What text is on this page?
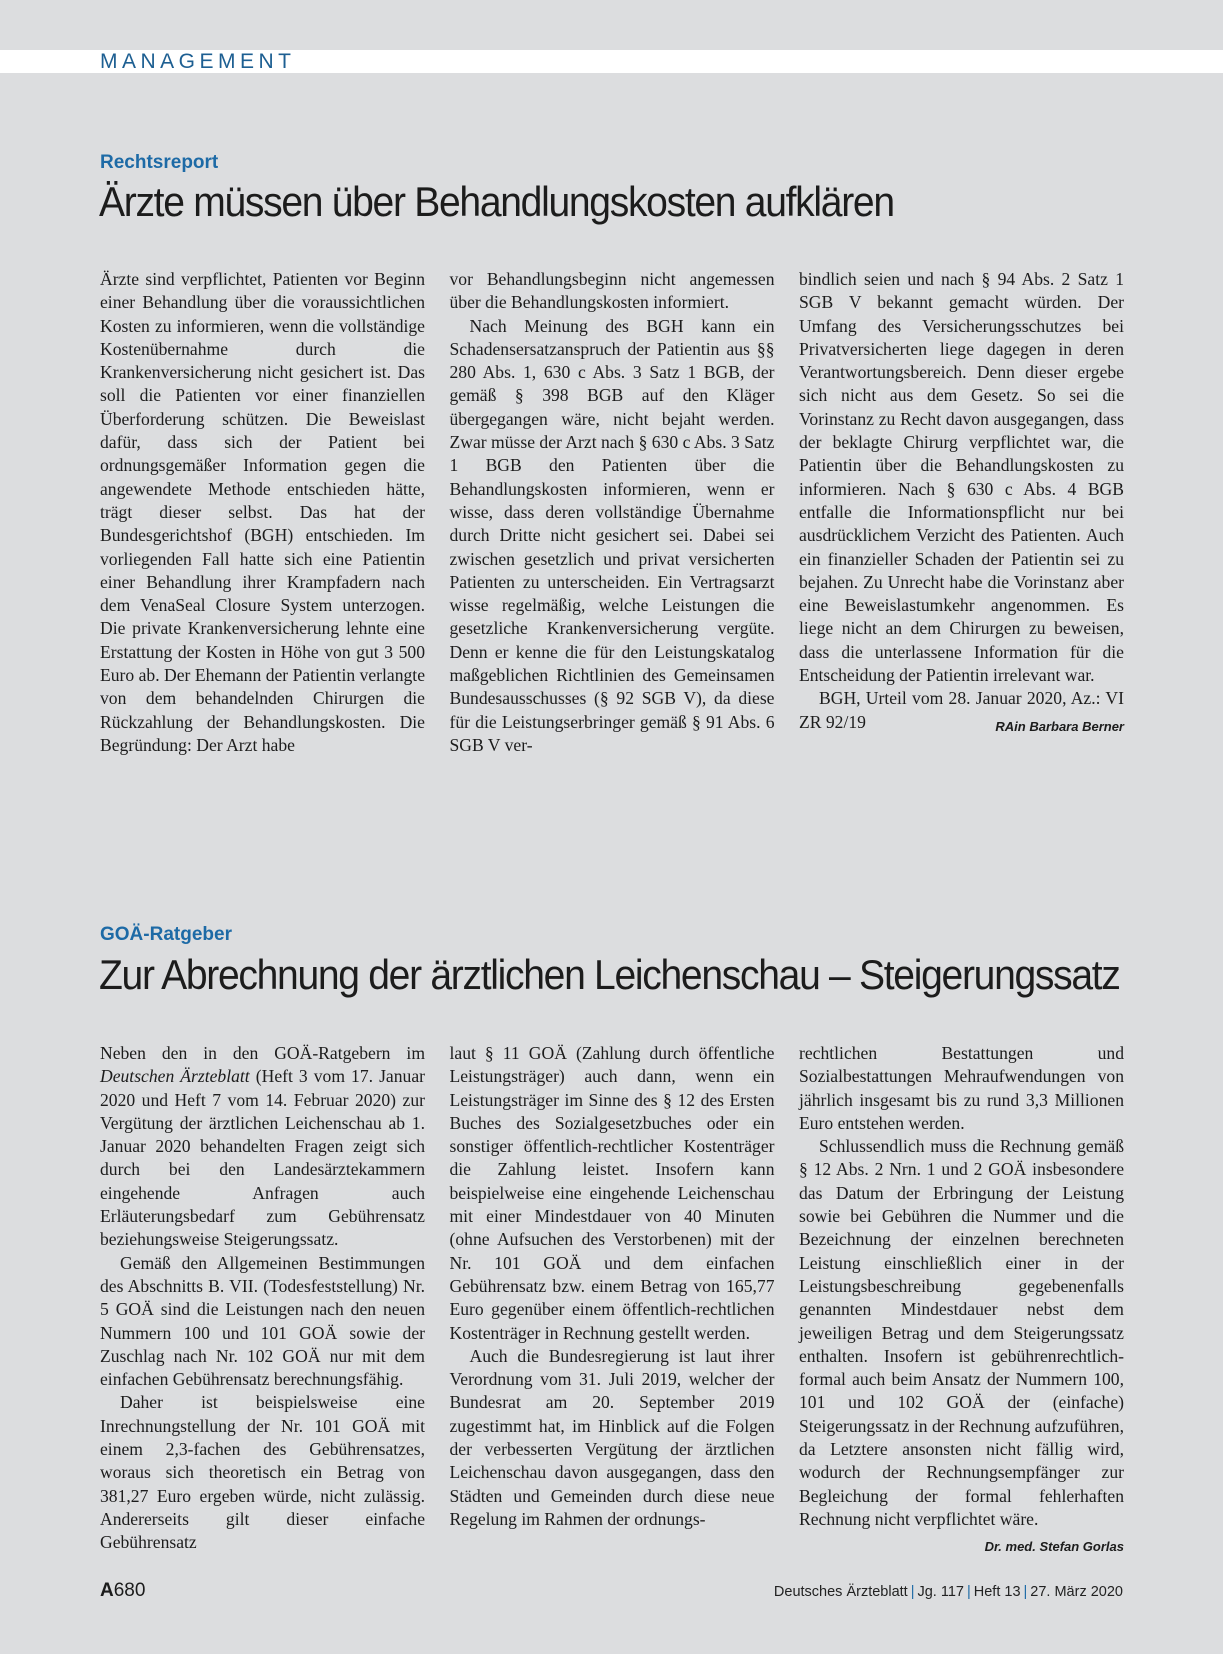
MANAGEMENT
Rechtsreport
Ärzte müssen über Behandlungskosten aufklären

Ärzte sind verpflichtet, Patienten vor Beginn einer Behandlung über die voraussichtlichen Kosten zu informieren, wenn die vollständige Kostenübernahme durch die Krankenversicherung nicht gesichert ist. Das soll die Patienten vor einer finanziellen Überforderung schützen. Die Beweislast dafür, dass sich der Patient bei ordnungsgemäßer Information gegen die angewendete Methode entschieden hätte, trägt dieser selbst. Das hat der Bundesgerichtshof (BGH) entschieden. Im vorliegenden Fall hatte sich eine Patientin einer Behandlung ihrer Krampfadern nach dem VenaSeal Closure System unterzogen. Die private Krankenversicherung lehnte eine Erstattung der Kosten in Höhe von gut 3 500 Euro ab. Der Ehemann der Patientin verlangte von dem behandelnden Chirurgen die Rückzahlung der Behandlungskosten. Die Begründung: Der Arzt habe

vor Behandlungsbeginn nicht angemessen über die Behandlungskosten informiert.

Nach Meinung des BGH kann ein Schadensersatzanspruch der Patientin aus §§ 280 Abs. 1, 630 c Abs. 3 Satz 1 BGB, der gemäß § 398 BGB auf den Kläger übergegangen wäre, nicht bejaht werden. Zwar müsse der Arzt nach § 630 c Abs. 3 Satz 1 BGB den Patienten über die Behandlungskosten informieren, wenn er wisse, dass deren vollständige Übernahme durch Dritte nicht gesichert sei. Dabei sei zwischen gesetzlich und privat versicherten Patienten zu unterscheiden. Ein Vertragsarzt wisse regelmäßig, welche Leistungen die gesetzliche Krankenversicherung vergüte. Denn er kenne die für den Leistungskatalog maßgeblichen Richtlinien des Gemeinsamen Bundesausschusses (§ 92 SGB V), da diese für die Leistungserbringer gemäß § 91 Abs. 6 SGB V ver-

bindlich seien und nach § 94 Abs. 2 Satz 1 SGB V bekannt gemacht würden. Der Umfang des Versicherungsschutzes bei Privatversicherten liege dagegen in deren Verantwortungsbereich. Denn dieser ergebe sich nicht aus dem Gesetz. So sei die Vorinstanz zu Recht davon ausgegangen, dass der beklagte Chirurg verpflichtet war, die Patientin über die Behandlungskosten zu informieren. Nach § 630 c Abs. 4 BGB entfalle die Informationspflicht nur bei ausdrücklichem Verzicht des Patienten. Auch ein finanzieller Schaden der Patientin sei zu bejahen. Zu Unrecht habe die Vorinstanz aber eine Beweislastumkehr angenommen. Es liege nicht an dem Chirurgen zu beweisen, dass die unterlassene Information für die Entscheidung der Patientin irrelevant war.

BGH, Urteil vom 28. Januar 2020, Az.: VI ZR 92/19	RAin Barbara Berner

GOÄ-Ratgeber
Zur Abrechnung der ärztlichen Leichenschau – Steigerungssatz

Neben den in den GOÄ-Ratgebern im Deutschen Ärzteblatt (Heft 3 vom 17. Januar 2020 und Heft 7 vom 14. Februar 2020) zur Vergütung der ärztlichen Leichenschau ab 1. Januar 2020 behandelten Fragen zeigt sich durch bei den Landesärztekammern eingehende Anfragen auch Erläuterungsbedarf zum Gebührensatz beziehungsweise Steigerungssatz.

Gemäß den Allgemeinen Bestimmungen des Abschnitts B. VII. (Todesfeststellung) Nr. 5 GOÄ sind die Leistungen nach den neuen Nummern 100 und 101 GOÄ sowie der Zuschlag nach Nr. 102 GOÄ nur mit dem einfachen Gebührensatz berechnungsfähig.

Daher ist beispielsweise eine Inrechnungstellung der Nr. 101 GOÄ mit einem 2,3-fachen des Gebührensatzes, woraus sich theoretisch ein Betrag von 381,27 Euro ergeben würde, nicht zulässig. Andererseits gilt dieser einfache Gebührensatz

laut § 11 GOÄ (Zahlung durch öffentliche Leistungsträger) auch dann, wenn ein Leistungsträger im Sinne des § 12 des Ersten Buches des Sozialgesetzbuches oder ein sonstiger öffentlich-rechtlicher Kostenträger die Zahlung leistet. Insofern kann beispielweise eine eingehende Leichenschau mit einer Mindestdauer von 40 Minuten (ohne Aufsuchen des Verstorbenen) mit der Nr. 101 GOÄ und dem einfachen Gebührensatz bzw. einem Betrag von 165,77 Euro gegenüber einem öffentlich-rechtlichen Kostenträger in Rechnung gestellt werden.

Auch die Bundesregierung ist laut ihrer Verordnung vom 31. Juli 2019, welcher der Bundesrat am 20. September 2019 zugestimmt hat, im Hinblick auf die Folgen der verbesserten Vergütung der ärztlichen Leichenschau davon ausgegangen, dass den Städten und Gemeinden durch diese neue Regelung im Rahmen der ordnungs-

rechtlichen Bestattungen und Sozialbestattungen Mehraufwendungen von jährlich insgesamt bis zu rund 3,3 Millionen Euro entstehen werden.

Schlussendlich muss die Rechnung gemäß § 12 Abs. 2 Nrn. 1 und 2 GOÄ insbesondere das Datum der Erbringung der Leistung sowie bei Gebühren die Nummer und die Bezeichnung der einzelnen berechneten Leistung einschließlich einer in der Leistungsbeschreibung gegebenenfalls genannten Mindestdauer nebst dem jeweiligen Betrag und dem Steigerungssatz enthalten. Insofern ist gebührenrechtlich-formal auch beim Ansatz der Nummern 100, 101 und 102 GOÄ der (einfache) Steigerungssatz in der Rechnung aufzuführen, da Letztere ansonsten nicht fällig wird, wodurch der Rechnungsempfänger zur Begleichung der formal fehlerhaften Rechnung nicht verpflichtet wäre.
Dr. med. Stefan Gorlas

A680	Deutsches Ärzteblatt | Jg. 117 | Heft 13 | 27. März 2020
